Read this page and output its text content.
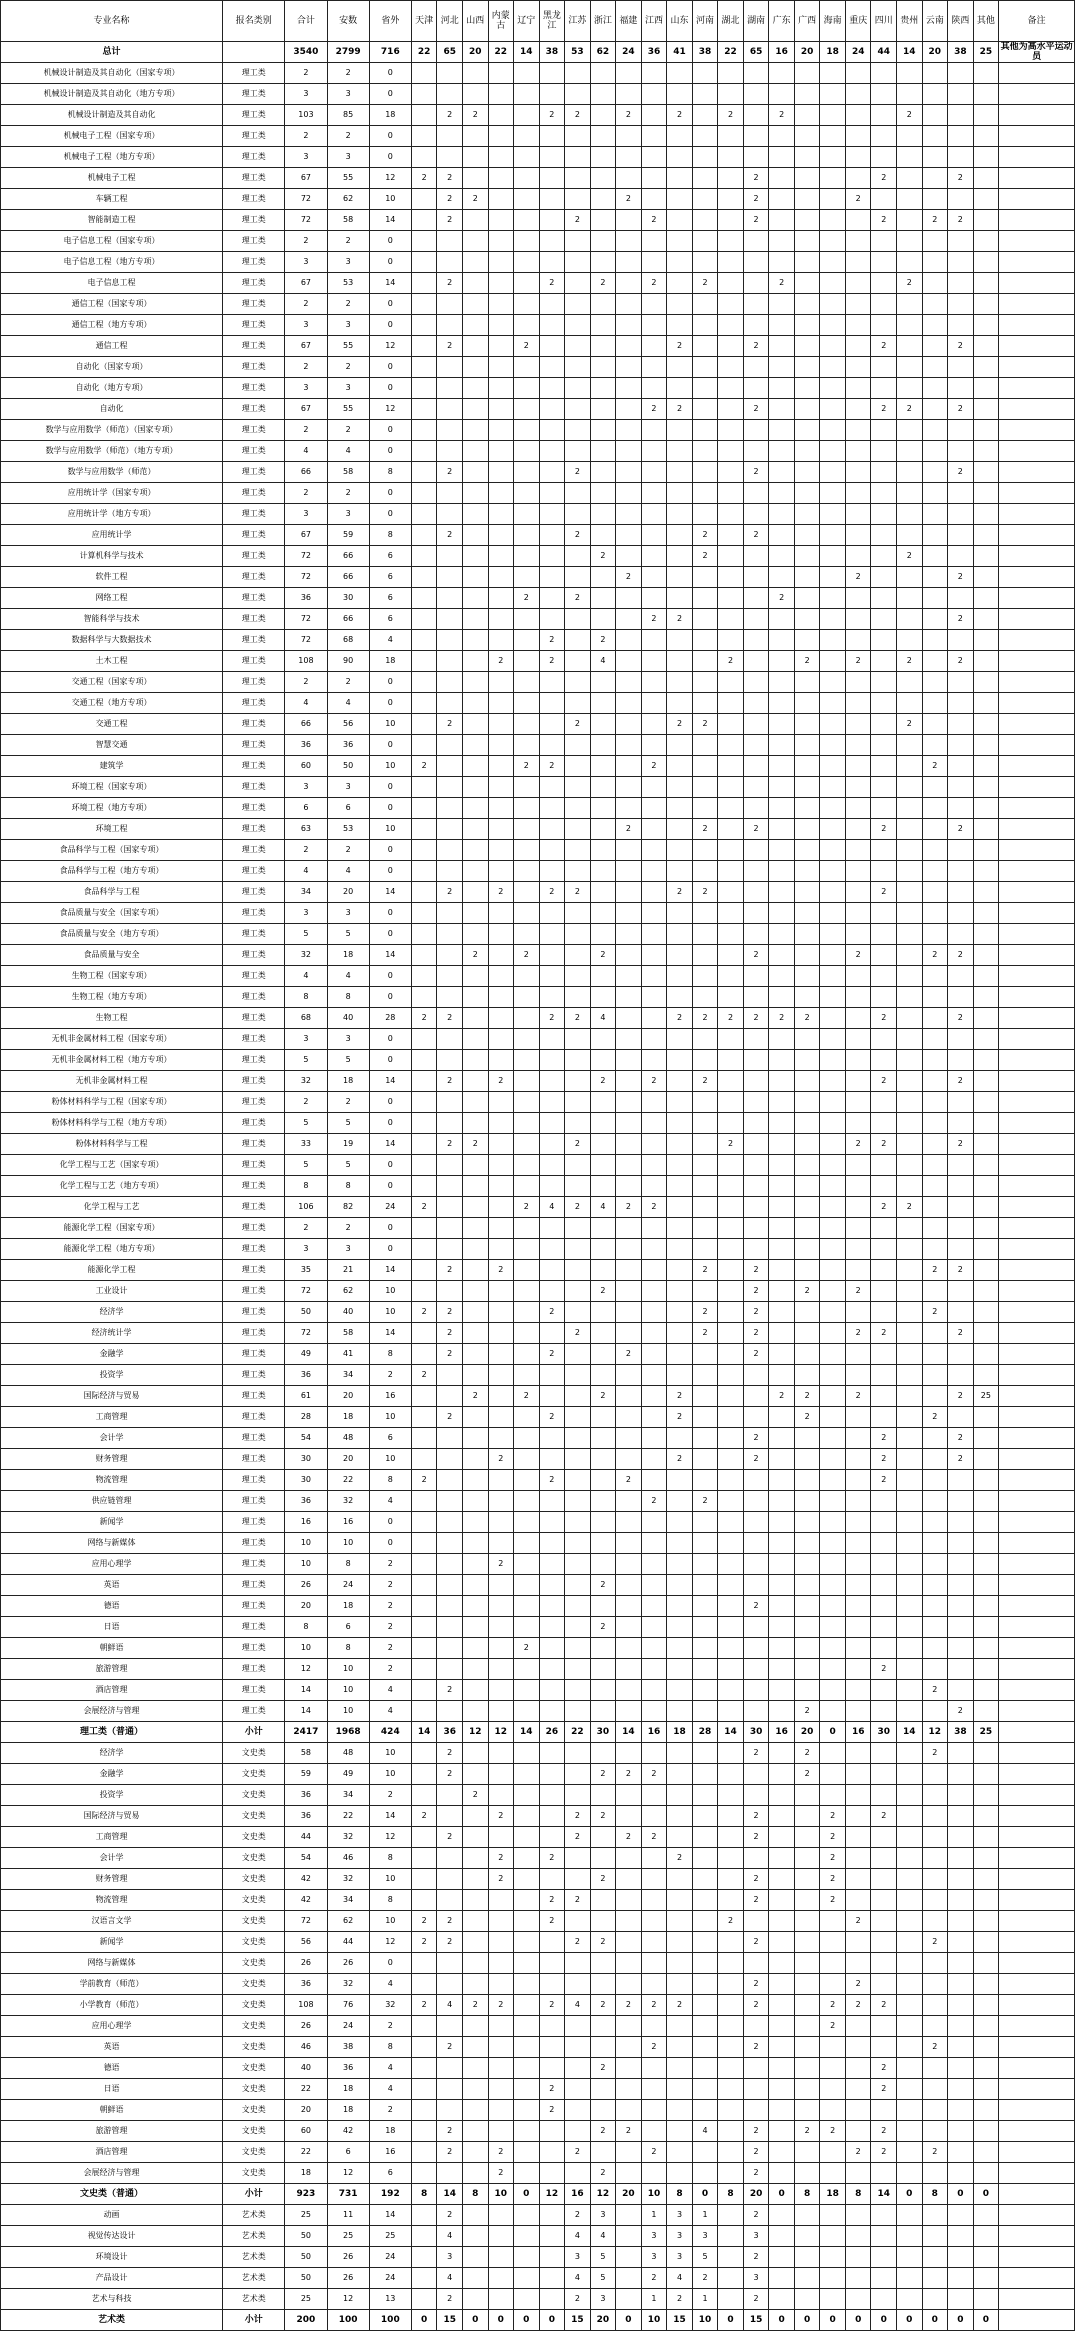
专业名称	报名类别	合计	安数	省外	天津	河北	山西	内蒙古	辽宁	黑龙江	江苏	浙江	福建	江西	山东	河南	湖北	湖南	广东	广西	海南	重庆	四川	贵州	云南	陕西	其他	备注
总计		3540	2799	716	22	65	20	22	14	38	53	62	24	36	41	38	22	65	16	20	18	24	44	14	20	38	25	其他为高水平运动员
机械设计制造及其自动化（国家专项）	理工类	2	2	0																								
机械设计制造及其自动化（地方专项）	理工类	3	3	0																								
机械设计制造及其自动化	理工类	103	85	18		2	2			2	2		2		2		2		2					2				
机械电子工程（国家专项）	理工类	2	2	0																								
机械电子工程（地方专项）	理工类	3	3	0																								
机械电子工程	理工类	67	55	12	2	2												2					2			2		
车辆工程	理工类	72	62	10		2	2						2					2				2						
智能制造工程	理工类	72	58	14		2					2			2				2					2		2	2		
电子信息工程（国家专项）	理工类	2	2	0																								
电子信息工程（地方专项）	理工类	3	3	0																								
电子信息工程	理工类	67	53	14		2				2		2		2		2			2					2				
通信工程（国家专项）	理工类	2	2	0																								
通信工程（地方专项）	理工类	3	3	0																								
通信工程	理工类	67	55	12		2			2						2			2					2			2		
自动化（国家专项）	理工类	2	2	0																								
自动化（地方专项）	理工类	3	3	0																								
自动化	理工类	67	55	12										2	2			2					2	2		2		
数学与应用数学（师范）（国家专项）	理工类	2	2	0																								
数学与应用数学（师范）（地方专项）	理工类	4	4	0																								
数学与应用数学（师范）	理工类	66	58	8		2					2							2								2		
应用统计学（国家专项）	理工类	2	2	0																								
应用统计学（地方专项）	理工类	3	3	0																								
应用统计学	理工类	67	59	8		2					2					2		2										
计算机科学与技术	理工类	72	66	6								2				2								2				
软件工程	理工类	72	66	6									2									2				2		
网络工程	理工类	36	30	6					2		2								2									
智能科学与技术	理工类	72	66	6										2	2											2		
数据科学与大数据技术	理工类	72	68	4						2		2																
土木工程	理工类	108	90	18				2		2		4					2			2		2		2		2		
交通工程（国家专项）	理工类	2	2	0																								
交通工程（地方专项）	理工类	4	4	0																								
交通工程	理工类	66	56	10		2					2				2	2								2				
智慧交通	理工类	36	36	0																								
建筑学	理工类	60	50	10	2				2	2				2											2			
环境工程（国家专项）	理工类	3	3	0																								
环境工程（地方专项）	理工类	6	6	0																								
环境工程	理工类	63	53	10									2			2		2					2			2		
食品科学与工程（国家专项）	理工类	2	2	0																								
食品科学与工程（地方专项）	理工类	4	4	0																								
食品科学与工程	理工类	34	20	14		2		2		2	2				2	2							2					
食品质量与安全（国家专项）	理工类	3	3	0																								
食品质量与安全（地方专项）	理工类	5	5	0																								
食品质量与安全	理工类	32	18	14			2		2			2						2				2			2	2		
生物工程（国家专项）	理工类	4	4	0																								
生物工程（地方专项）	理工类	8	8	0																								
生物工程	理工类	68	40	28	2	2				2	2	4			2	2	2	2	2	2			2			2		
无机非金属材料工程（国家专项）	理工类	3	3	0																								
无机非金属材料工程（地方专项）	理工类	5	5	0																								
无机非金属材料工程	理工类	32	18	14		2		2				2		2		2							2			2		
粉体材料科学与工程（国家专项）	理工类	2	2	0																								
粉体材料科学与工程（地方专项）	理工类	5	5	0																								
粉体材料科学与工程	理工类	33	19	14		2	2				2						2					2	2			2		
化学工程与工艺（国家专项）	理工类	5	5	0																								
化学工程与工艺（地方专项）	理工类	8	8	0																								
化学工程与工艺	理工类	106	82	24	2				2	4	2	4	2	2									2	2				
能源化学工程（国家专项）	理工类	2	2	0																								
能源化学工程（地方专项）	理工类	3	3	0																								
能源化学工程	理工类	35	21	14		2		2								2		2							2	2		
工业设计	理工类	72	62	10								2						2		2		2						
经济学	理工类	50	40	10	2	2				2						2		2							2			
经济统计学	理工类	72	58	14		2					2					2		2				2	2			2		
金融学	理工类	49	41	8		2				2			2					2										
投资学	理工类	36	34	2	2																							
国际经济与贸易	理工类	61	20	16			2		2			2			2				2	2		2				2	25	
工商管理	理工类	28	18	10		2				2					2					2					2			
会计学	理工类	54	48	6														2					2			2		
财务管理	理工类	30	20	10				2							2			2					2			2		
物流管理	理工类	30	22	8	2					2			2										2					
供应链管理	理工类	36	32	4										2		2												
新闻学	理工类	16	16	0																								
网络与新媒体	理工类	10	10	0																								
应用心理学	理工类	10	8	2				2																				
英语	理工类	26	24	2								2																
德语	理工类	20	18	2														2										
日语	理工类	8	6	2								2																
朝鲜语	理工类	10	8	2					2																			
旅游管理	理工类	12	10	2																			2					
酒店管理	理工类	14	10	4		2																			2			
会展经济与管理	理工类	14	10	4																2						2		
理工类（普通）	小计	2417	1968	424	14	36	12	12	14	26	22	30	14	16	18	28	14	30	16	20	0	16	30	14	12	38	25	
经济学	文史类	58	48	10		2												2		2					2			
金融学	文史类	59	49	10		2						2	2	2						2								
投资学	文史类	36	34	2			2																					
国际经济与贸易	文史类	36	22	14	2			2			2	2						2			2		2					
工商管理	文史类	44	32	12		2					2		2	2				2			2							
会计学	文史类	54	46	8				2		2					2						2							
财务管理	文史类	42	32	10				2				2						2			2							
物流管理	文史类	42	34	8						2	2							2			2							
汉语言文学	文史类	72	62	10	2	2				2							2					2						
新闻学	文史类	56	44	12	2	2					2	2						2							2			
网络与新媒体	文史类	26	26	0																								
学前教育（师范）	文史类	36	32	4														2				2						
小学教育（师范）	文史类	108	76	32	2	4	2	2		2	4	2	2	2	2			2			2	2	2					
应用心理学	文史类	26	24	2																	2							
英语	文史类	46	38	8		2								2				2							2			
德语	文史类	40	36	4								2											2					
日语	文史类	22	18	4						2													2					
朝鲜语	文史类	20	18	2						2																		
旅游管理	文史类	60	42	18		2						2	2			4		2		2	2		2					
酒店管理	文史类	22	6	16		2		2			2			2				2				2	2		2			
会展经济与管理	文史类	18	12	6				2				2						2										
文史类（普通）	小计	923	731	192	8	14	8	10	0	12	16	12	20	10	8	0	8	20	0	8	18	8	14	0	8	0	0	
动画	艺术类	25	11	14		2					2	3		1	3	1		2										
视觉传达设计	艺术类	50	25	25		4					4	4		3	3	3		3										
环境设计	艺术类	50	26	24		3					3	5		3	3	5		2										
产品设计	艺术类	50	26	24		4					4	5		2	4	2		3										
艺术与科技	艺术类	25	12	13		2					2	3		1	2	1		2										
艺术类	小计	200	100	100	0	15	0	0	0	0	15	20	0	10	15	10	0	15	0	0	0	0	0	0	0	0	0	
